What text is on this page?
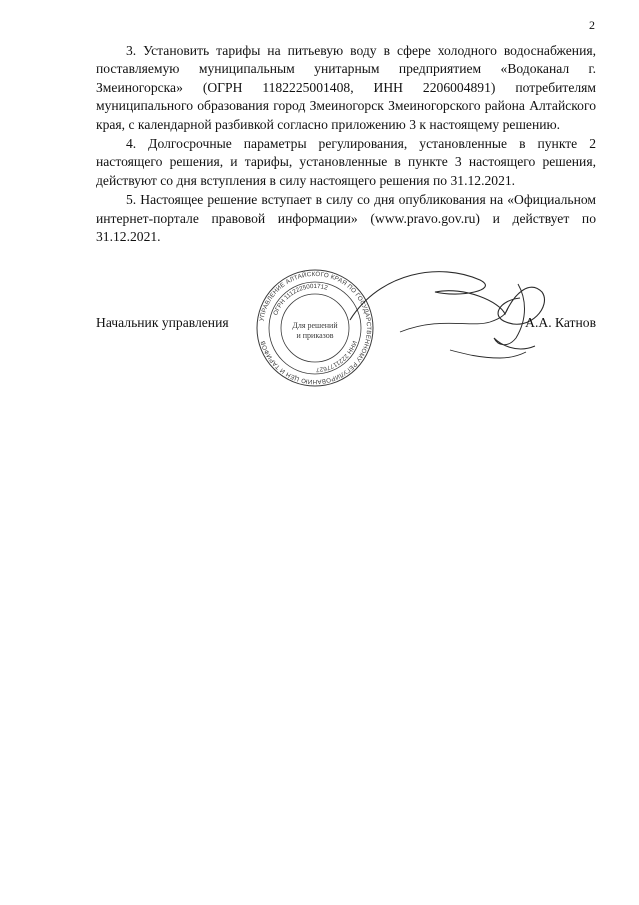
2

3. Установить тарифы на питьевую воду в сфере холодного водоснабжения, поставляемую муниципальным унитарным предприятием «Водоканал г. Змеиногорска» (ОГРН 1182225001408, ИНН 2206004891) потребителям муниципального образования город Змеиногорск Змеиногорского района Алтайского края, с календарной разбивкой согласно приложению 3 к настоящему решению.

4. Долгосрочные параметры регулирования, установленные в пункте 2 настоящего решения, и тарифы, установленные в пункте 3 настоящего решения, действуют со дня вступления в силу настоящего решения по 31.12.2021.

5. Настоящее решение вступает в силу со дня опубликования на «Официальном интернет-портале правовой информации» (www.pravo.gov.ru) и действует по 31.12.2021.

УПРАВЛЕНИЕ АЛТАЙСКОГО КРАЯ ПО ГОСУДАРСТВЕННОМУ РЕГУЛИРОВАНИЮ ЦЕН И ТАРИФОВ
ОГРН 1112225001712
ИНН 2221177627
Для решений
и приказов
Начальник управления	А.А. Катнов
